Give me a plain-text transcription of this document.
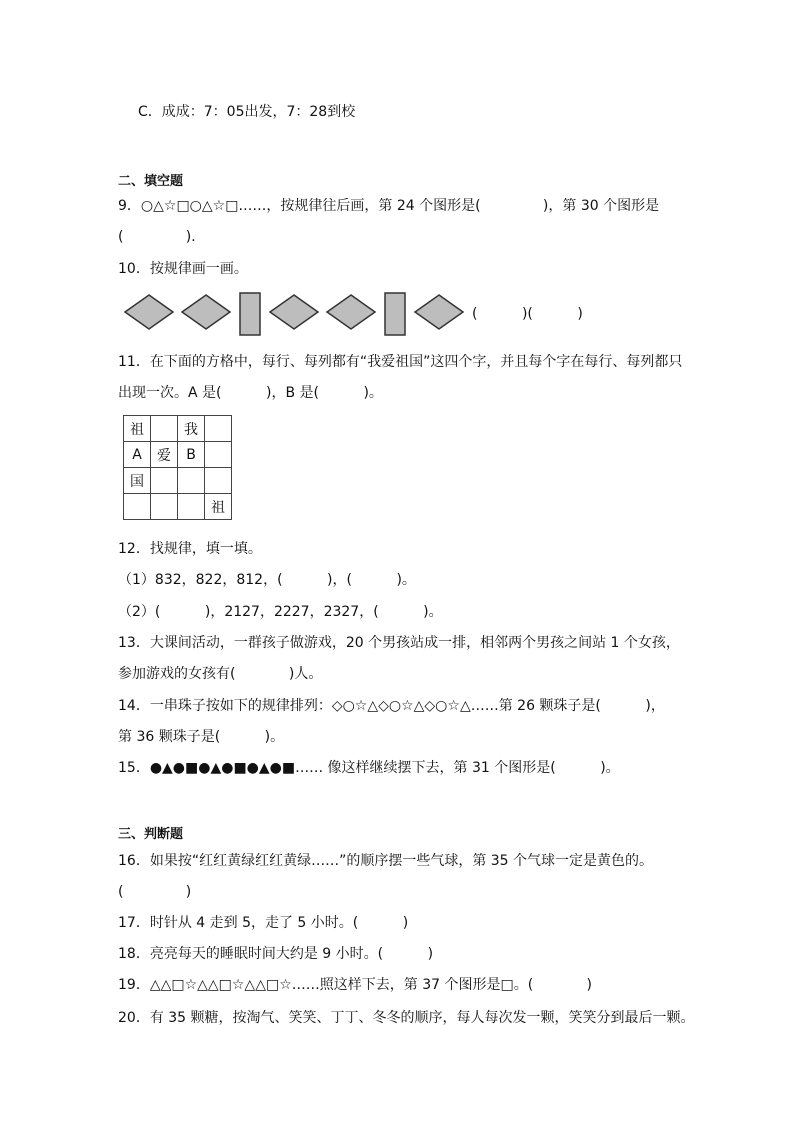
C．成成：7：05出发，7：28到校
二、填空题
9．○△☆□○△☆□……，按规律往后画，第 24 个图形是(              )，第 30 个图形是
(              )．
10．按规律画一画。
(          )(          )
11．在下面的方格中，每行、每列都有“我爱祖国”这四个字，并且每个字在每行、每列都只
出现一次。A 是(          )，B 是(          )。
祖		我	
A	爱	B	
国			
			祖
12．找规律，填一填。
（1）832，822，812，(          )，(          )。
（2）(          )，2127，2227，2327，(          )。
13．大课间活动，一群孩子做游戏，20 个男孩站成一排，相邻两个男孩之间站 1 个女孩，
参加游戏的女孩有(            )人。
14．一串珠子按如下的规律排列：◇○☆△◇○☆△◇○☆△……第 26 颗珠子是(          )，
第 36 颗珠子是(          )。
15．●▲●■●▲●■●▲●■…… 像这样继续摆下去，第 31 个图形是(          )。
三、判断题
16．如果按“红红黄绿红红黄绿……”的顺序摆一些气球，第 35 个气球一定是黄色的。
(              )
17．时针从 4 走到 5，走了 5 小时。(          )
18．亮亮每天的睡眠时间大约是 9 小时。(          )
19．△△□☆△△□☆△△□☆……照这样下去，第 37 个图形是□。(            )
20．有 35 颗糖，按淘气、笑笑、丁丁、冬冬的顺序，每人每次发一颗，笑笑分到最后一颗。
